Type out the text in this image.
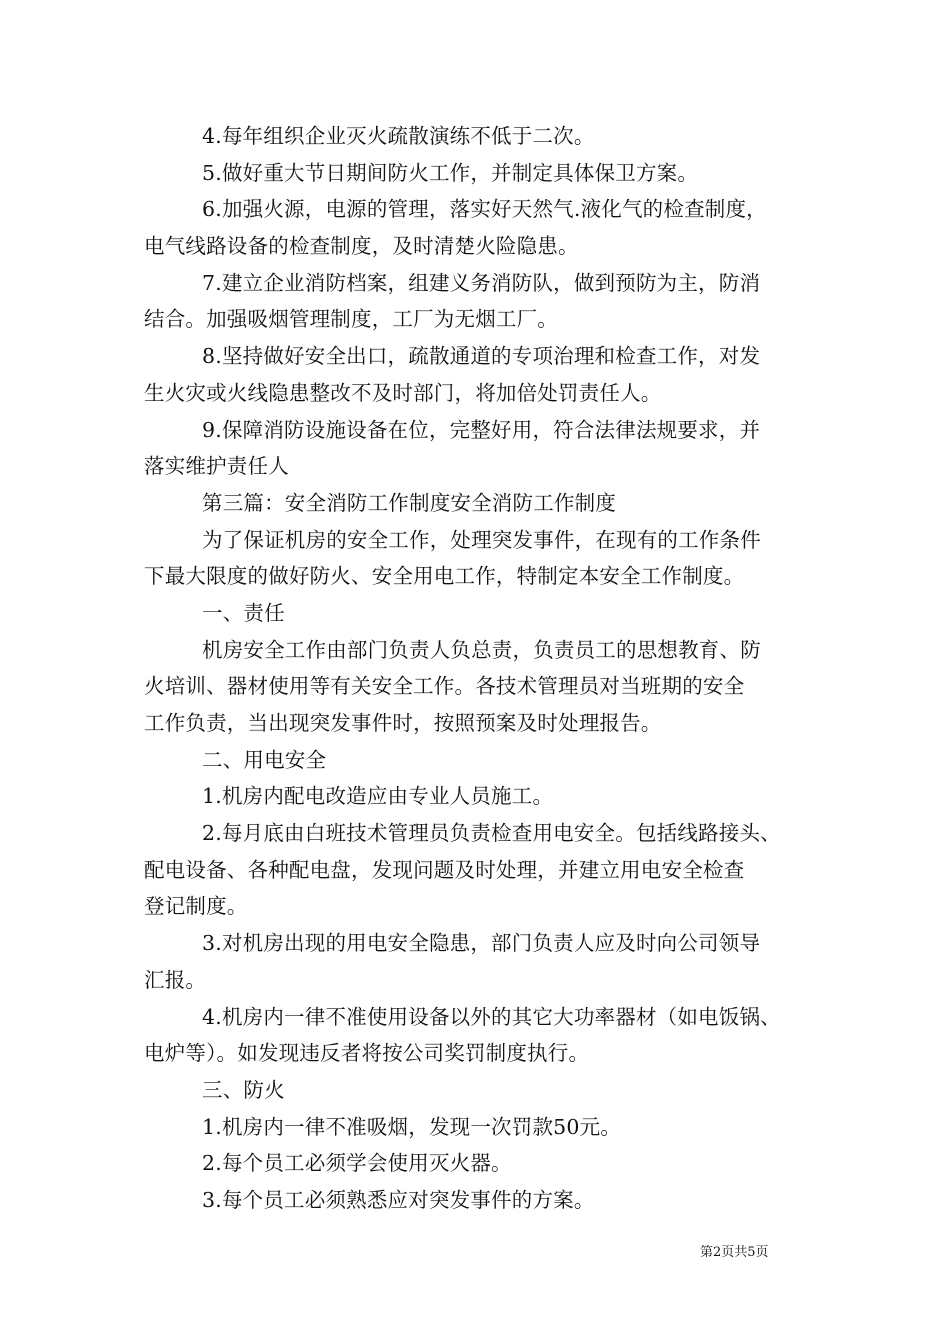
4.每年组织企业灭火疏散演练不低于二次。
5.做好重大节日期间防火工作，并制定具体保卫方案。
6.加强火源，电源的管理，落实好天然气.液化气的检查制度，
电气线路设备的检查制度，及时清楚火险隐患。
7.建立企业消防档案，组建义务消防队，做到预防为主，防消
结合。加强吸烟管理制度，工厂为无烟工厂。
8.坚持做好安全出口，疏散通道的专项治理和检查工作，对发
生火灾或火线隐患整改不及时部门，将加倍处罚责任人。
9.保障消防设施设备在位，完整好用，符合法律法规要求，并
落实维护责任人
第三篇：安全消防工作制度安全消防工作制度
为了保证机房的安全工作，处理突发事件，在现有的工作条件
下最大限度的做好防火、安全用电工作，特制定本安全工作制度。
一、责任
机房安全工作由部门负责人负总责，负责员工的思想教育、防
火培训、器材使用等有关安全工作。各技术管理员对当班期的安全
工作负责，当出现突发事件时，按照预案及时处理报告。
二、用电安全
1.机房内配电改造应由专业人员施工。
2.每月底由白班技术管理员负责检查用电安全。包括线路接头、
配电设备、各种配电盘，发现问题及时处理，并建立用电安全检查
登记制度。
3.对机房出现的用电安全隐患，部门负责人应及时向公司领导
汇报。
4.机房内一律不准使用设备以外的其它大功率器材（如电饭锅、
电炉等）。如发现违反者将按公司奖罚制度执行。
三、防火
1.机房内一律不准吸烟，发现一次罚款50元。
2.每个员工必须学会使用灭火器。
3.每个员工必须熟悉应对突发事件的方案。
第2页共5页
